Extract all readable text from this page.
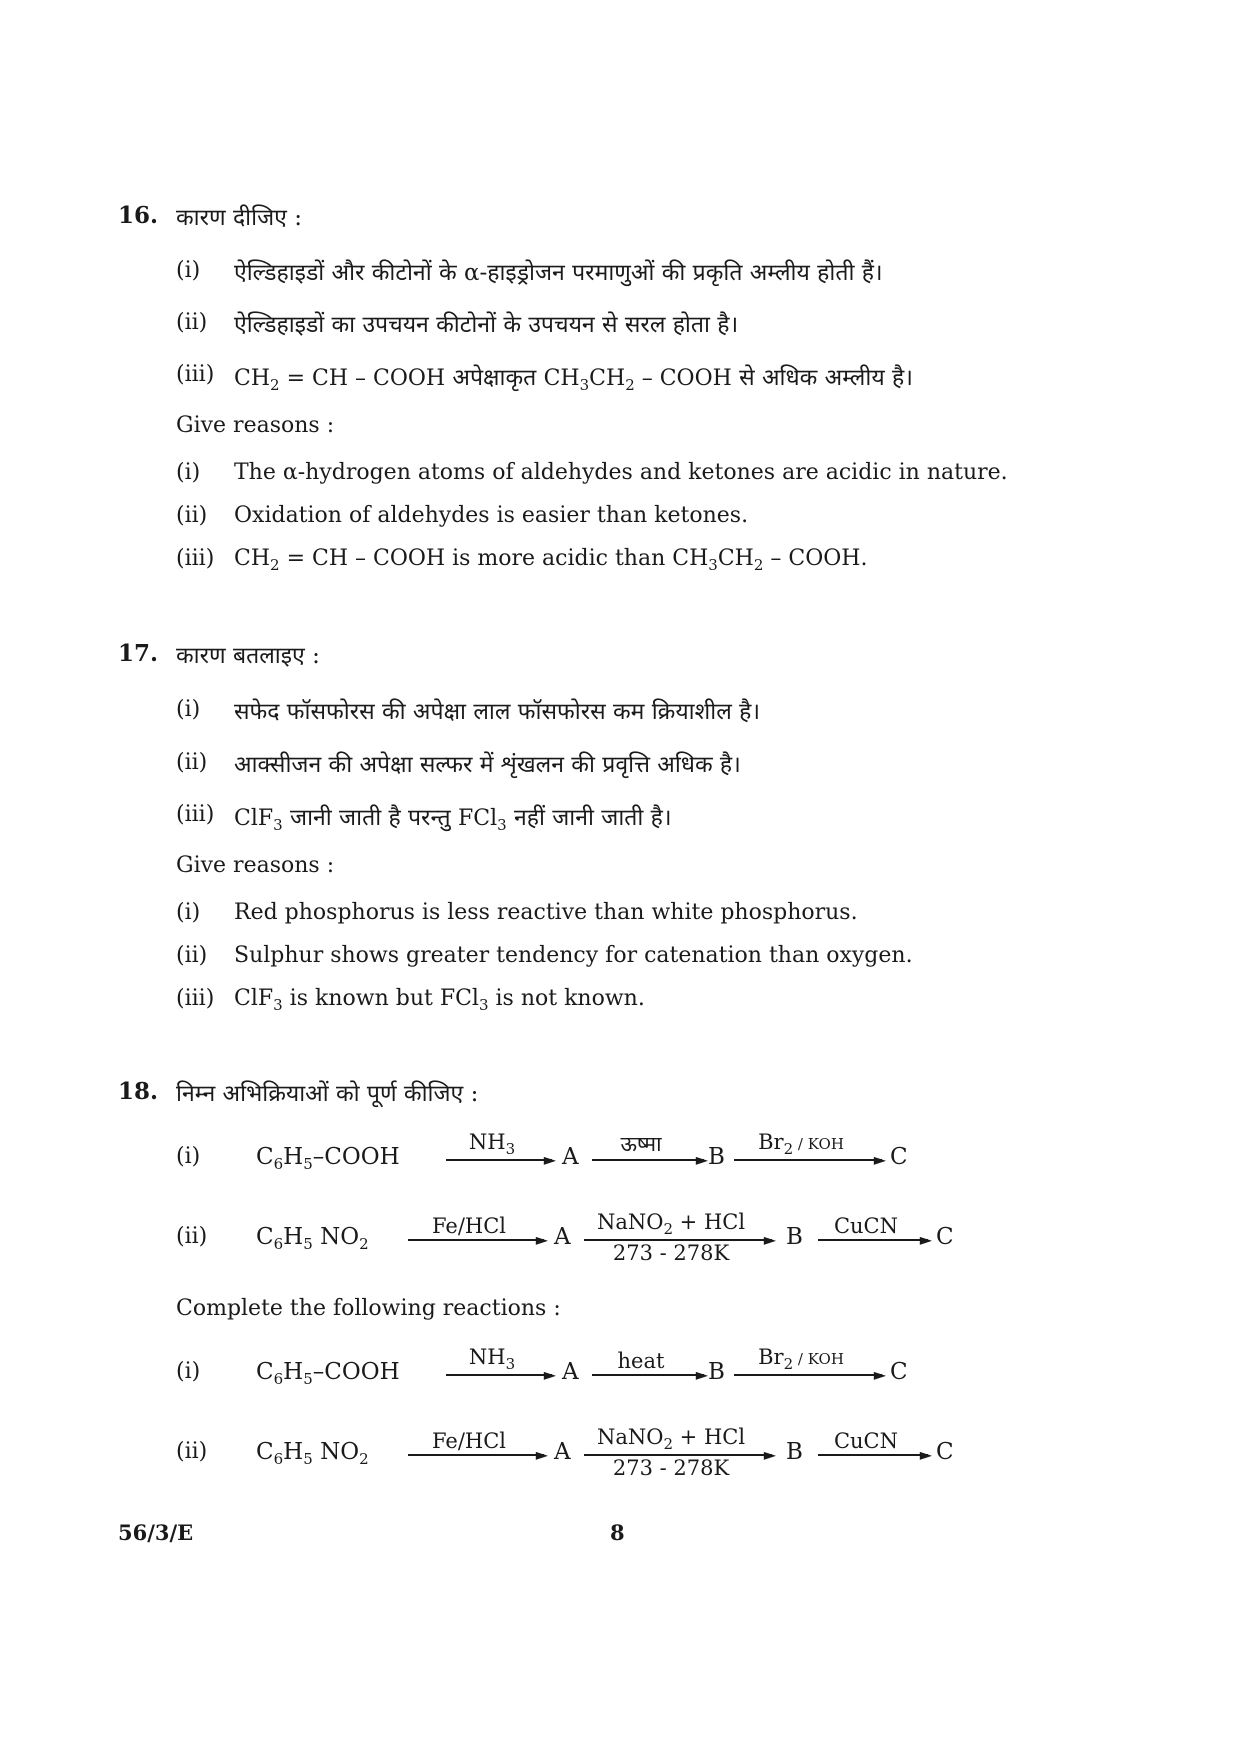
16. कारण दीजिए :
(i)	ऐल्डिहाइडों और कीटोनों के α-हाइड्रोजन परमाणुओं की प्रकृति अम्लीय होती हैं।
(ii)	ऐल्डिहाइडों का उपचयन कीटोनों के उपचयन से सरल होता है।
(iii) $CH_2$ = CH – COOH अपेक्षाकृत $CH_3CH_2$ – COOH से अधिक अम्लीय है।
Give reasons :
(i)	The α-hydrogen atoms of aldehydes and ketones are acidic in nature.
(ii)	Oxidation of aldehydes is easier than ketones.
(iii) $CH_2$ = CH – COOH is more acidic than $CH_3CH_2$ – COOH.
17. कारण बतलाइए :
(i)	सफेद फॉसफोरस की अपेक्षा लाल फॉसफोरस कम क्रियाशील है।
(ii)	आक्सीजन की अपेक्षा सल्फर में शृंखलन की प्रवृत्ति अधिक है।
(iii) ClF$_3$ जानी जाती है परन्तु FCl$_3$ नहीं जानी जाती है।
Give reasons :
(i)	Red phosphorus is less reactive than white phosphorus.
(ii)	Sulphur shows greater tendency for catenation than oxygen.
(iii) ClF$_3$ is known but FCl$_3$ is not known.
18. निम्न अभिक्रियाओं को पूर्ण कीजिए :
(i) $C_6H_5$–COOH
$NH_3$
► A	ऊष्मा
► B
$Br_2$ / KOH
► C
(ii) $C_6H_5$ $NO_2$
Fe/HCl
► A
NaNO$_2$ + HCl
►
273 - 278K
B	CuCN
► C
Complete the following reactions :
(i) $C_6H_5$–COOH
$NH_3$
► A	heat
► B
$Br_2$ / KOH
► C
(ii) $C_6H_5$ $NO_2$
Fe/HCl
► A
NaNO$_2$ + HCl
►
273 - 278K
B	CuCN
► C
56/3/E	8
